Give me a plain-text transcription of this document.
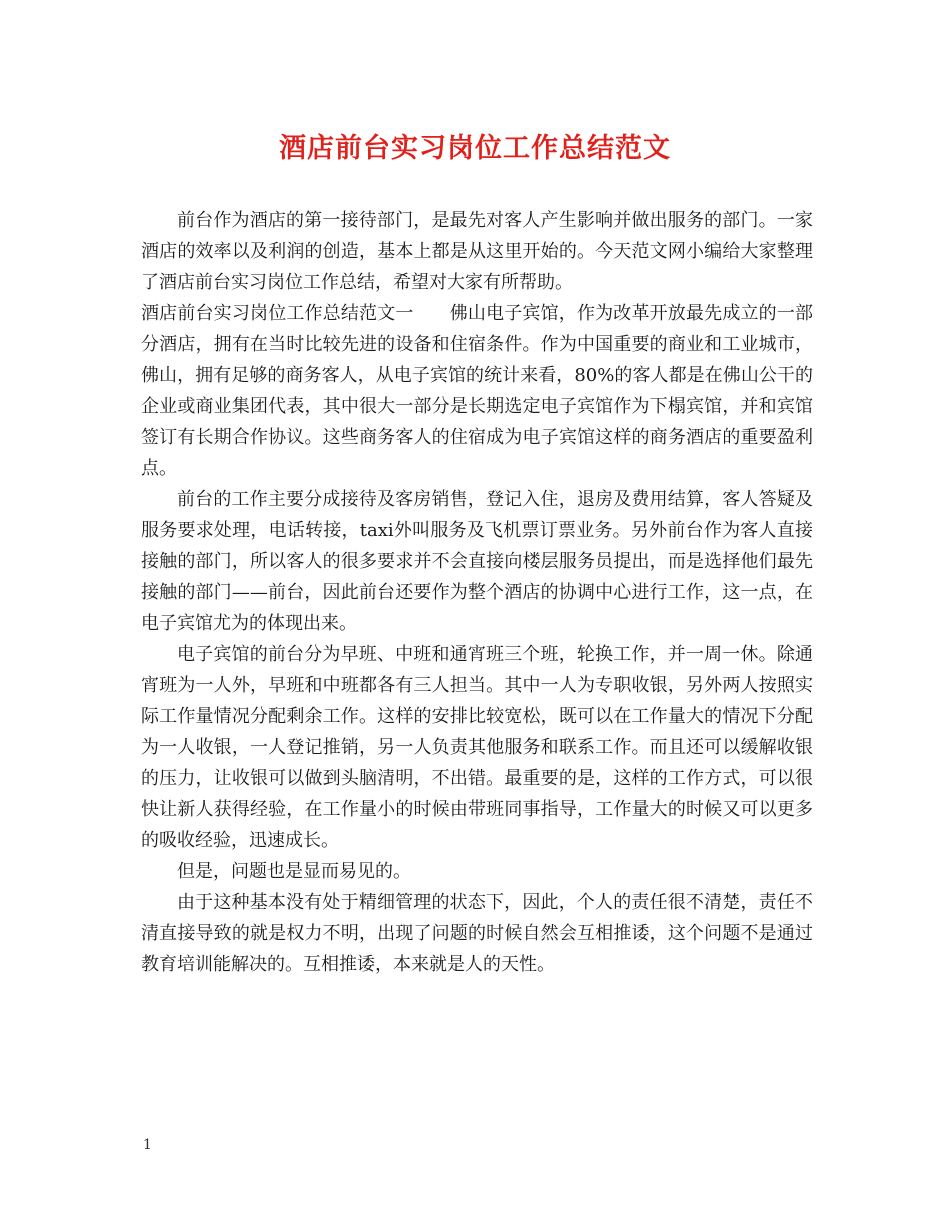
酒店前台实习岗位工作总结范文

前台作为酒店的第一接待部门，是最先对客人产生影响并做出服务的部门。一家酒店的效率以及利润的创造，基本上都是从这里开始的。今天范文网小编给大家整理了酒店前台实习岗位工作总结，希望对大家有所帮助。

酒店前台实习岗位工作总结范文一 佛山电子宾馆，作为改革开放最先成立的一部分酒店，拥有在当时比较先进的设备和住宿条件。作为中国重要的商业和工业城市，佛山，拥有足够的商务客人，从电子宾馆的统计来看，80%的客人都是在佛山公干的企业或商业集团代表，其中很大一部分是长期选定电子宾馆作为下榻宾馆，并和宾馆签订有长期合作协议。这些商务客人的住宿成为电子宾馆这样的商务酒店的重要盈利点。

前台的工作主要分成接待及客房销售，登记入住，退房及费用结算，客人答疑及服务要求处理，电话转接，taxi外叫服务及飞机票订票业务。另外前台作为客人直接接触的部门，所以客人的很多要求并不会直接向楼层服务员提出，而是选择他们最先接触的部门——前台，因此前台还要作为整个酒店的协调中心进行工作，这一点，在电子宾馆尤为的体现出来。

电子宾馆的前台分为早班、中班和通宵班三个班，轮换工作，并一周一休。除通宵班为一人外，早班和中班都各有三人担当。其中一人为专职收银，另外两人按照实际工作量情况分配剩余工作。这样的安排比较宽松，既可以在工作量大的情况下分配为一人收银，一人登记推销，另一人负责其他服务和联系工作。而且还可以缓解收银的压力，让收银可以做到头脑清明，不出错。最重要的是，这样的工作方式，可以很快让新人获得经验，在工作量小的时候由带班同事指导，工作量大的时候又可以更多的吸收经验，迅速成长。

但是，问题也是显而易见的。

由于这种基本没有处于精细管理的状态下，因此，个人的责任很不清楚，责任不清直接导致的就是权力不明，出现了问题的时候自然会互相推诿，这个问题不是通过教育培训能解决的。互相推诿，本来就是人的天性。

1
